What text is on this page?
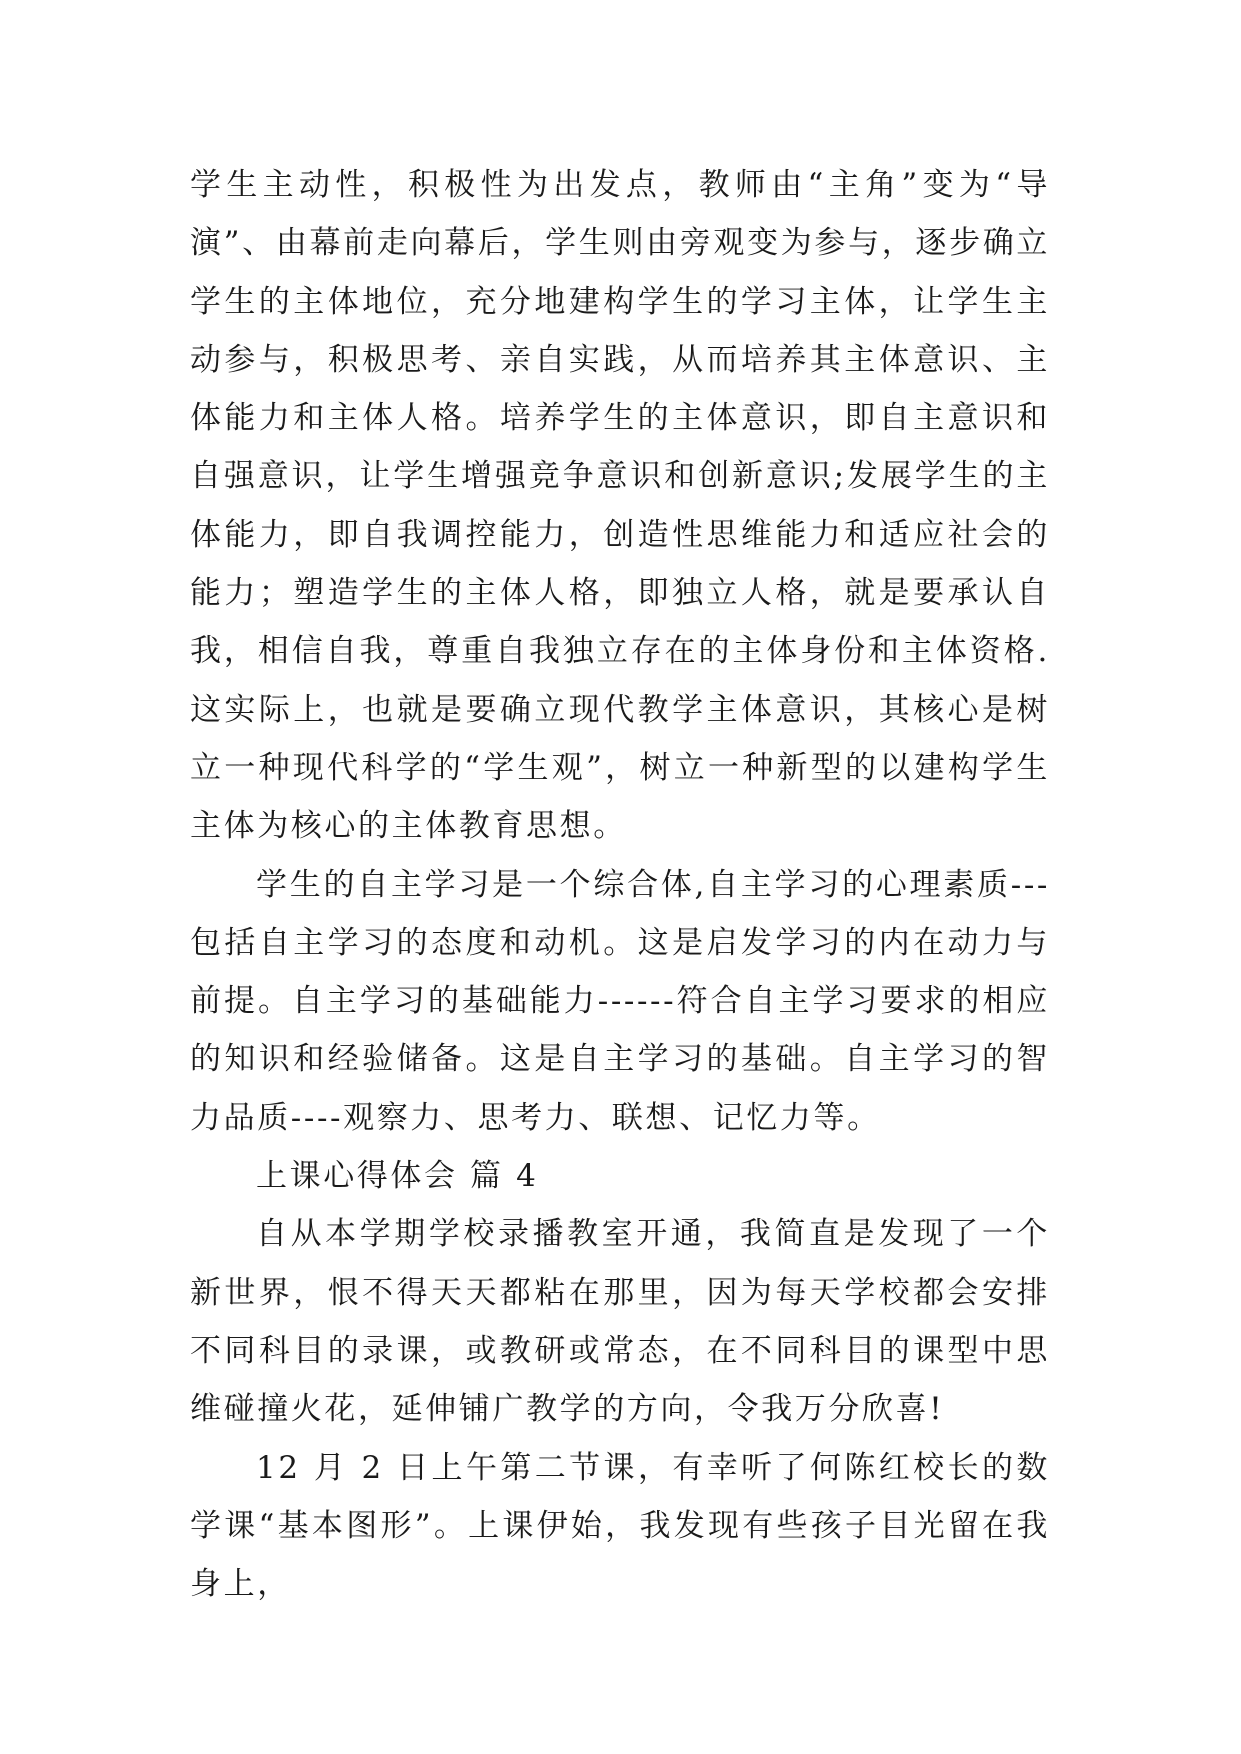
学生主动性，积极性为出发点，教师由“主角”变为“导演”、由幕前走向幕后，学生则由旁观变为参与，逐步确立学生的主体地位，充分地建构学生的学习主体，让学生主动参与，积极思考、亲自实践，从而培养其主体意识、主体能力和主体人格。培养学生的主体意识，即自主意识和自强意识，让学生增强竞争意识和创新意识;发展学生的主体能力，即自我调控能力，创造性思维能力和适应社会的能力；塑造学生的主体人格，即独立人格，就是要承认自我，相信自我，尊重自我独立存在的主体身份和主体资格.这实际上，也就是要确立现代教学主体意识，其核心是树立一种现代科学的“学生观”，树立一种新型的以建构学生主体为核心的主体教育思想。

学生的自主学习是一个综合体,自主学习的心理素质---包括自主学习的态度和动机。这是启发学习的内在动力与前提。自主学习的基础能力------符合自主学习要求的相应的知识和经验储备。这是自主学习的基础。自主学习的智力品质----观察力、思考力、联想、记忆力等。

上课心得体会 篇 4

自从本学期学校录播教室开通，我简直是发现了一个新世界，恨不得天天都粘在那里，因为每天学校都会安排不同科目的录课，或教研或常态，在不同科目的课型中思维碰撞火花，延伸铺广教学的方向，令我万分欣喜!

12 月 2 日上午第二节课，有幸听了何陈红校长的数学课“基本图形”。上课伊始，我发现有些孩子目光留在我身上，
